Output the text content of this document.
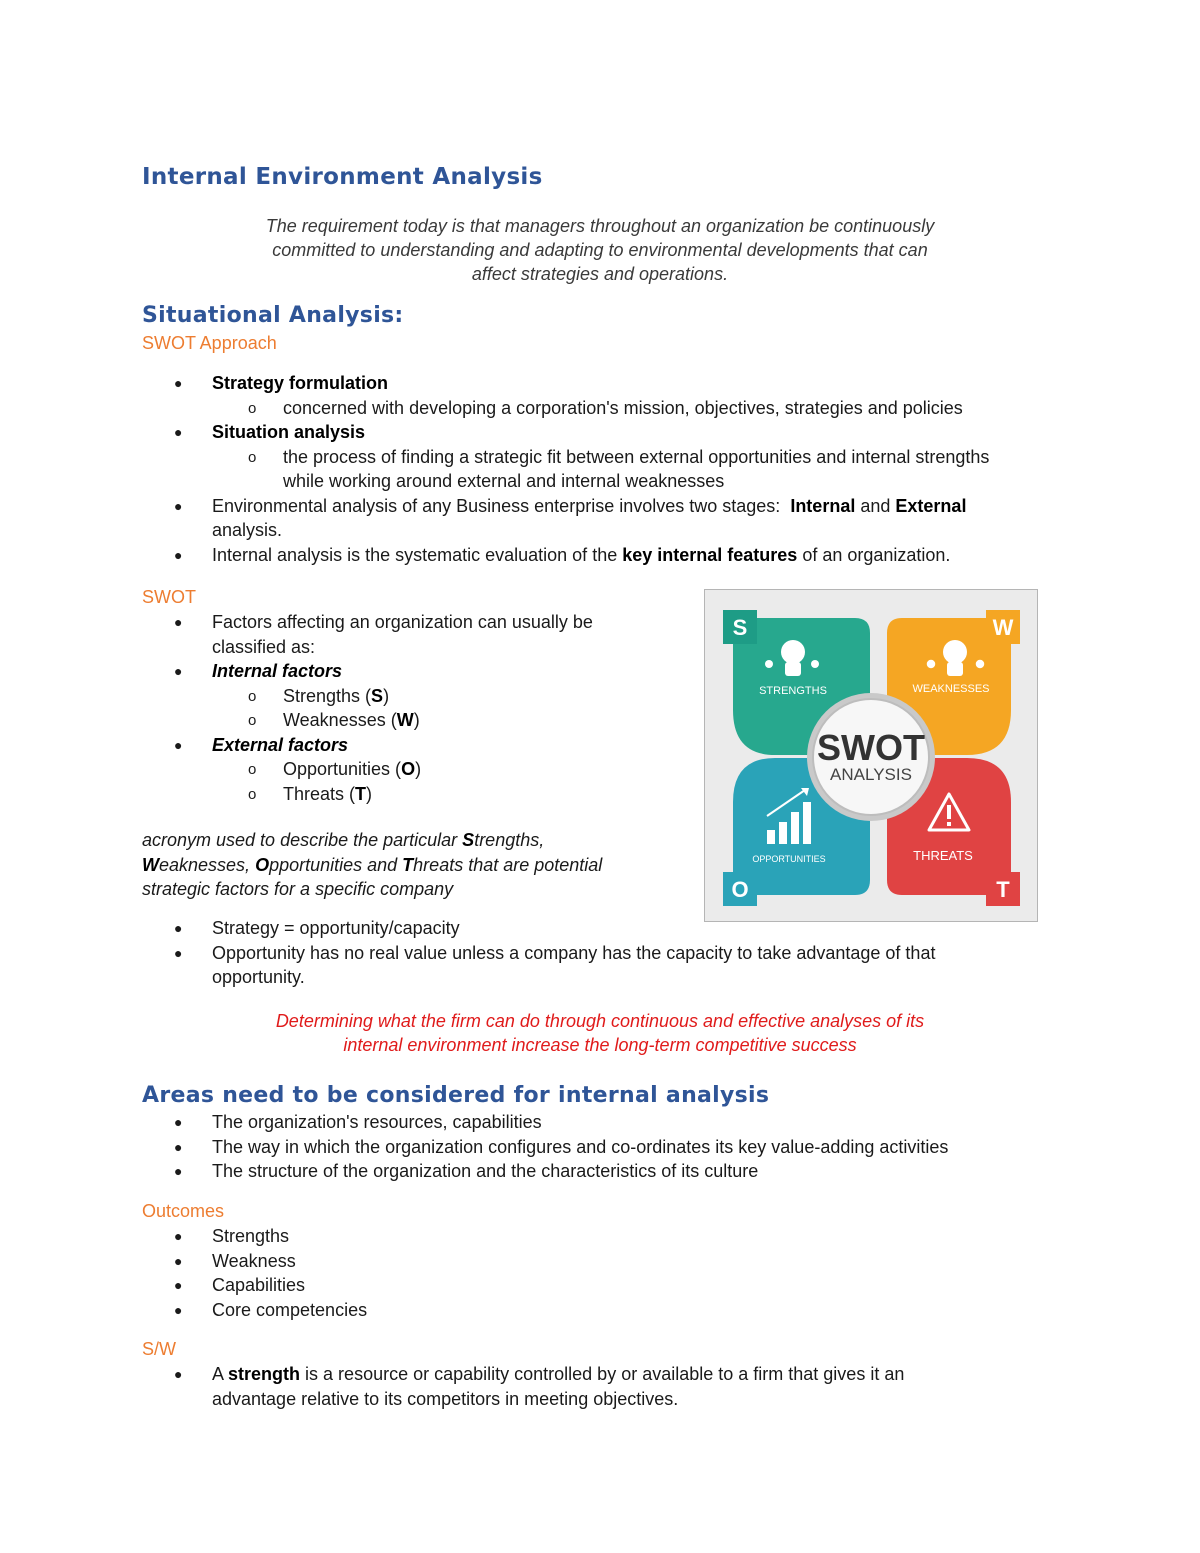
Internal Environment Analysis
The requirement today is that managers throughout an organization be continuously
committed to understanding and adapting to environmental developments that can
affect strategies and operations.
Situational Analysis:
SWOT Approach
● Strategy formulation
o concerned with developing a corporation's mission, objectives, strategies and policies
● Situation analysis
o the process of finding a strategic fit between external opportunities and internal strengths
while working around external and internal weaknesses
● Environmental analysis of any Business enterprise involves two stages: Internal and External
analysis.
● Internal analysis is the systematic evaluation of the key internal features of an organization.
SWOT
● Factors affecting an organization can usually be
classified as:
● Internal factors
o Strengths (S)
o Weaknesses (W)
● External factors
o Opportunities (O)
o Threats (T)
acronym used to describe the particular Strengths,
Weaknesses, Opportunities and Threats that are potential
strategic factors for a specific company
S	W
O	T
STRENGTHS	WEAKNESSES
OPPORTUNITIES	THREATS
SWOT
ANALYSIS
● Strategy = opportunity/capacity
● Opportunity has no real value unless a company has the capacity to take advantage of that
opportunity.
Determining what the firm can do through continuous and effective analyses of its
internal environment increase the long-term competitive success
Areas need to be considered for internal analysis
● The organization's resources, capabilities
● The way in which the organization configures and co-ordinates its key value-adding activities
● The structure of the organization and the characteristics of its culture
Outcomes
● Strengths
● Weakness
● Capabilities
● Core competencies
S/W
● A strength is a resource or capability controlled by or available to a firm that gives it an
advantage relative to its competitors in meeting objectives.
